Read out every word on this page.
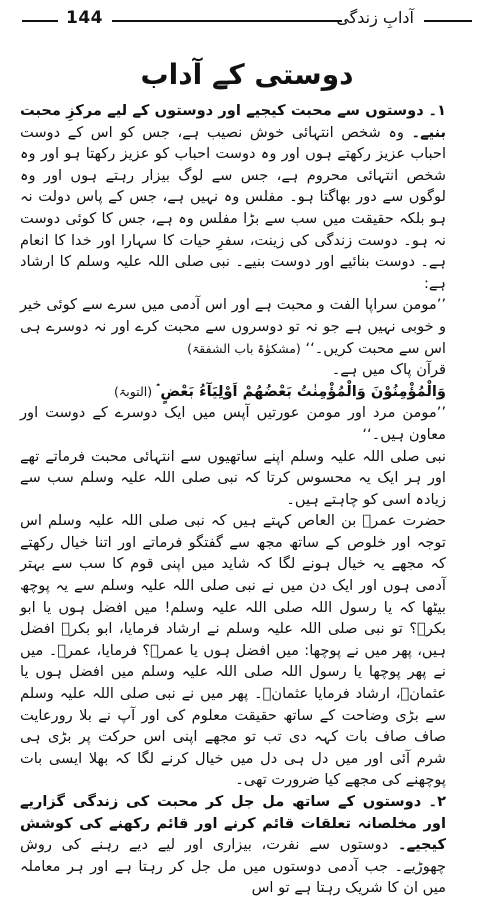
144	آدابِ زندگی
دوستی کے آداب

۱۔ دوستوں سے محبت کیجیے اور دوستوں کے لیے مرکزِ محبت بنیے۔ وہ شخص انتہائی خوش نصیب ہے، جس کو اس کے دوست احباب عزیز رکھتے ہوں اور وہ دوست احباب کو عزیز رکھتا ہو اور وہ شخص انتہائی محروم ہے، جس سے لوگ بیزار رہتے ہوں اور وہ لوگوں سے دور بھاگتا ہو۔ مفلس وہ نہیں ہے، جس کے پاس دولت نہ ہو بلکہ حقیقت میں سب سے بڑا مفلس وہ ہے، جس کا کوئی دوست نہ ہو۔ دوست زندگی کی زینت، سفرِ حیات کا سہارا اور خدا کا انعام ہے۔ دوست بنائیے اور دوست بنیے۔ نبی صلی اللہ علیہ وسلم کا ارشاد ہے:

’’مومن سراپا الفت و محبت ہے اور اس آدمی میں سرے سے کوئی خیر و خوبی نہیں ہے جو نہ تو دوسروں سے محبت کرے اور نہ دوسرے ہی اس سے محبت کریں۔‘‘ (مشکوٰۃ باب الشفقۃ)

قرآن پاک میں ہے۔

وَالْمُؤْمِنُوْنَ وَالْمُؤْمِنٰتُ بَعْضُهُمْ اَوْلِيَآءُ بَعْضٍ ۘ (التوبۃ)

’’مومن مرد اور مومن عورتیں آپس میں ایک دوسرے کے دوست اور معاون ہیں۔‘‘

نبی صلی اللہ علیہ وسلم اپنے ساتھیوں سے انتہائی محبت فرماتے تھے اور ہر ایک یہ محسوس کرتا کہ نبی صلی اللہ علیہ وسلم سب سے زیادہ اسی کو چاہتے ہیں۔

حضرت عمرؓ بن العاص کہتے ہیں کہ نبی صلی اللہ علیہ وسلم اس توجہ اور خلوص کے ساتھ مجھ سے گفتگو فرماتے اور اتنا خیال رکھتے کہ مجھے یہ خیال ہونے لگا کہ شاید میں اپنی قوم کا سب سے بہتر آدمی ہوں اور ایک دن میں نے نبی صلی اللہ علیہ وسلم سے یہ پوچھ بیٹھا کہ یا رسول اللہ صلی اللہ علیہ وسلم! میں افضل ہوں یا ابو بکرؓ؟ تو نبی صلی اللہ علیہ وسلم نے ارشاد فرمایا، ابو بکرؓ افضل ہیں، پھر میں نے پوچھا: میں افضل ہوں یا عمرؓ؟ فرمایا، عمرؓ۔ میں نے پھر پوچھا یا رسول اللہ صلی اللہ علیہ وسلم میں افضل ہوں یا عثمانؓ، ارشاد فرمایا عثمانؓ۔ پھر میں نے نبی صلی اللہ علیہ وسلم سے بڑی وضاحت کے ساتھ حقیقت معلوم کی اور آپ نے بلا رورعایت صاف صاف بات کہہ دی تب تو مجھے اپنی اس حرکت پر بڑی ہی شرم آئی اور میں دل ہی دل میں خیال کرنے لگا کہ بھلا ایسی بات پوچھنے کی مجھے کیا ضرورت تھی۔

۲۔ دوستوں کے ساتھ مل جل کر محبت کی زندگی گزاریے اور مخلصانہ تعلقات قائم کرنے اور قائم رکھنے کی کوشش کیجیے۔ دوستوں سے نفرت، بیزاری اور لیے دیے رہنے کی روش چھوڑیے۔ جب آدمی دوستوں میں مل جل کر رہتا ہے اور ہر معاملہ میں ان کا شریک رہتا ہے تو اس
